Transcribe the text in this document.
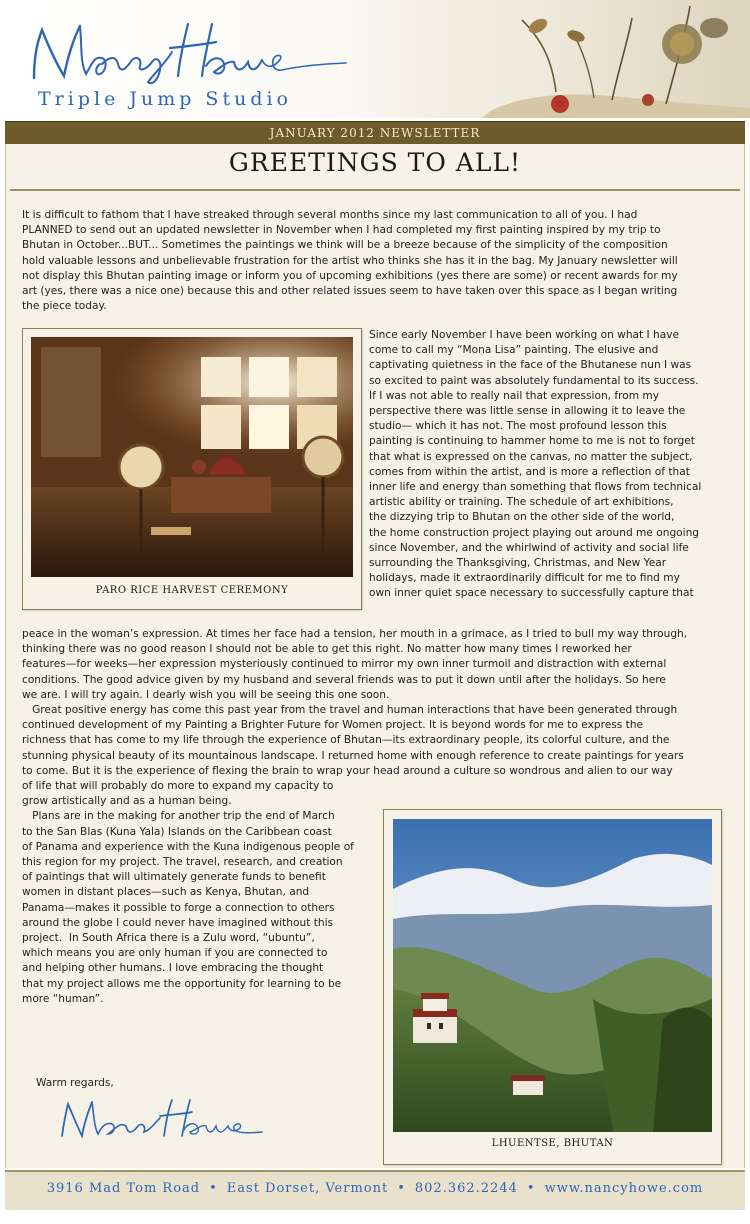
Triple Jump Studio
JANUARY 2012 NEWSLETTER
GREETINGS TO ALL!
It is difficult to fathom that I have streaked through several months since my last communication to all of you. I had
PLANNED to send out an updated newsletter in November when I had completed my first painting inspired by my trip to
Bhutan in October...BUT... Sometimes the paintings we think will be a breeze because of the simplicity of the composition
hold valuable lessons and unbelievable frustration for the artist who thinks she has it in the bag. My January newsletter will
not display this Bhutan painting image or inform you of upcoming exhibitions (yes there are some) or recent awards for my
art (yes, there was a nice one) because this and other related issues seem to have taken over this space as I began writing
the piece today.
PARO RICE HARVEST CEREMONY
Since early November I have been working on what I have
come to call my “Mona Lisa” painting. The elusive and
captivating quietness in the face of the Bhutanese nun I was
so excited to paint was absolutely fundamental to its success.
If I was not able to really nail that expression, from my
perspective there was little sense in allowing it to leave the
studio— which it has not. The most profound lesson this
painting is continuing to hammer home to me is not to forget
that what is expressed on the canvas, no matter the subject,
comes from within the artist, and is more a reflection of that
inner life and energy than something that flows from technical
artistic ability or training. The schedule of art exhibitions,
the dizzying trip to Bhutan on the other side of the world,
the home construction project playing out around me ongoing
since November, and the whirlwind of activity and social life
surrounding the Thanksgiving, Christmas, and New Year
holidays, made it extraordinarily difficult for me to find my
own inner quiet space necessary to successfully capture that
peace in the woman’s expression. At times her face had a tension, her mouth in a grimace, as I tried to bull my way through,
thinking there was no good reason I should not be able to get this right. No matter how many times I reworked her
features—for weeks—her expression mysteriously continued to mirror my own inner turmoil and distraction with external
conditions. The good advice given by my husband and several friends was to put it down until after the holidays. So here
we are. I will try again. I dearly wish you will be seeing this one soon.
Great positive energy has come this past year from the travel and human interactions that have been generated through
continued development of my Painting a Brighter Future for Women project. It is beyond words for me to express the
richness that has come to my life through the experience of Bhutan—its extraordinary people, its colorful culture, and the
stunning physical beauty of its mountainous landscape. I returned home with enough reference to create paintings for years
to come. But it is the experience of flexing the brain to wrap your head around a culture so wondrous and alien to our way
of life that will probably do more to expand my capacity to
grow artistically and as a human being.
Plans are in the making for another trip the end of March
to the San Blas (Kuna Yala) Islands on the Caribbean coast
of Panama and experience with the Kuna indigenous people of
this region for my project. The travel, research, and creation
of paintings that will ultimately generate funds to benefit
women in distant places—such as Kenya, Bhutan, and
Panama—makes it possible to forge a connection to others
around the globe I could never have imagined without this
project.  In South Africa there is a Zulu word, “ubuntu”,
which means you are only human if you are connected to
and helping other humans. I love embracing the thought
that my project allows me the opportunity for learning to be
more “human”.
Warm regards,
LHUENTSE, BHUTAN
3916 Mad Tom Road • East Dorset, Vermont • 802.362.2244 • www.nancyhowe.com
